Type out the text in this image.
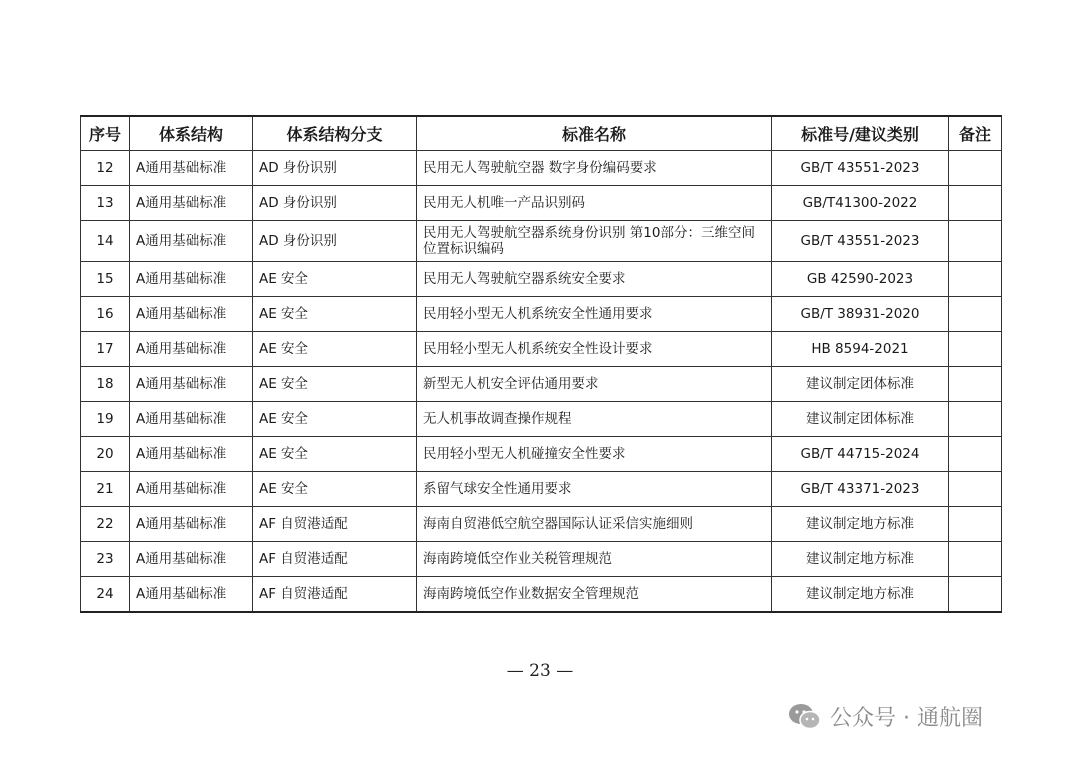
序号	体系结构	体系结构分支	标准名称	标准号/建议类别	备注
12	A通用基础标准	AD 身份识别	民用无人驾驶航空器 数字身份编码要求	GB/T 43551-2023	
13	A通用基础标准	AD 身份识别	民用无人机唯一产品识别码	GB/T41300-2022	
14	A通用基础标准	AD 身份识别	民用无人驾驶航空器系统身份识别 第10部分：三维空间位置标识编码	GB/T 43551-2023	
15	A通用基础标准	AE 安全	民用无人驾驶航空器系统安全要求	GB 42590-2023	
16	A通用基础标准	AE 安全	民用轻小型无人机系统安全性通用要求	GB/T 38931-2020	
17	A通用基础标准	AE 安全	民用轻小型无人机系统安全性设计要求	HB 8594-2021	
18	A通用基础标准	AE 安全	新型无人机安全评估通用要求	建议制定团体标准	
19	A通用基础标准	AE 安全	无人机事故调查操作规程	建议制定团体标准	
20	A通用基础标准	AE 安全	民用轻小型无人机碰撞安全性要求	GB/T 44715-2024	
21	A通用基础标准	AE 安全	系留气球安全性通用要求	GB/T 43371-2023	
22	A通用基础标准	AF 自贸港适配	海南自贸港低空航空器国际认证采信实施细则	建议制定地方标准	
23	A通用基础标准	AF 自贸港适配	海南跨境低空作业关税管理规范	建议制定地方标准	
24	A通用基础标准	AF 自贸港适配	海南跨境低空作业数据安全管理规范	建议制定地方标准	
— 23 —
公众号 · 通航圈
